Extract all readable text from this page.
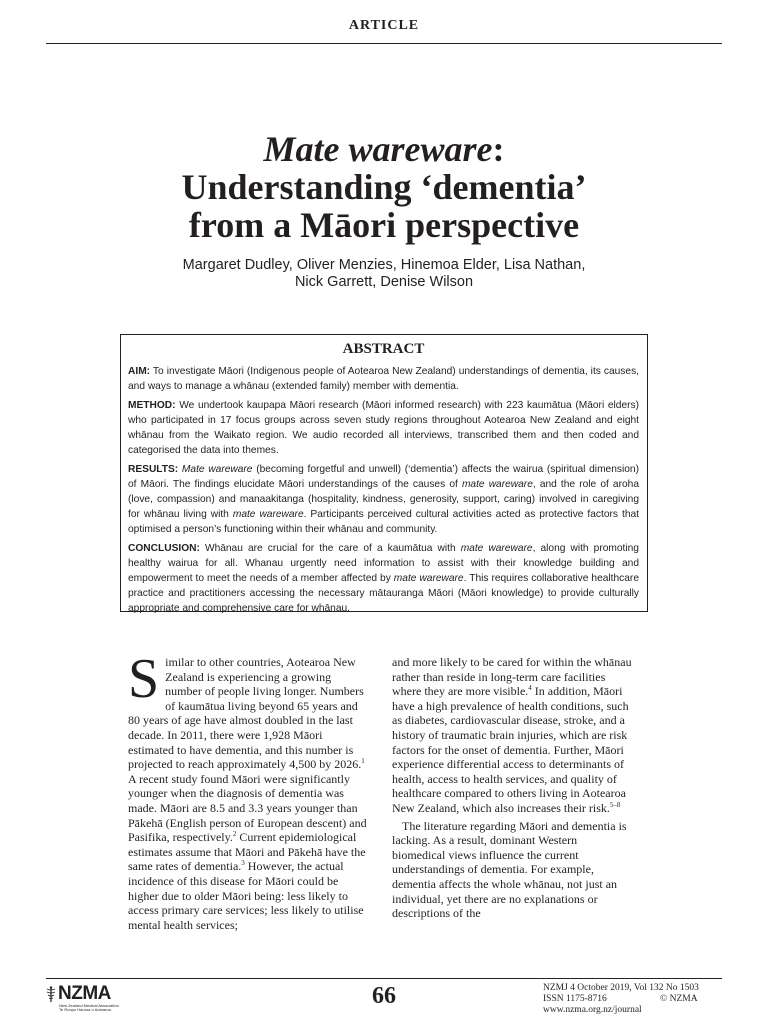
ARTICLE
Mate wareware:
Understanding ‘dementia’
from a Māori perspective
Margaret Dudley, Oliver Menzies, Hinemoa Elder, Lisa Nathan,
Nick Garrett, Denise Wilson
ABSTRACT

AIM: To investigate Māori (Indigenous people of Aotearoa New Zealand) understandings of dementia, its causes, and ways to manage a whānau (extended family) member with dementia.

METHOD: We undertook kaupapa Māori research (Māori informed research) with 223 kaumātua (Māori elders) who participated in 17 focus groups across seven study regions throughout Aotearoa New Zealand and eight whānau from the Waikato region. We audio recorded all interviews, transcribed them and then coded and categorised the data into themes.

RESULTS: Mate wareware (becoming forgetful and unwell) (‘dementia’) affects the wairua (spiritual dimension) of Māori. The findings elucidate Māori understandings of the causes of mate wareware, and the role of aroha (love, compassion) and manaakitanga (hospitality, kindness, generosity, support, caring) involved in caregiving for whānau living with mate wareware. Participants perceived cultural activities acted as protective factors that optimised a person’s functioning within their whānau and community.

CONCLUSION: Whānau are crucial for the care of a kaumātua with mate wareware, along with promoting healthy wairua for all. Whanau urgently need information to assist with their knowledge building and empowerment to meet the needs of a member affected by mate wareware. This requires collaborative healthcare practice and practitioners accessing the necessary mātauranga Māori (Māori knowledge) to provide culturally appropriate and comprehensive care for whānau.

Similar to other countries, Aotearoa New Zealand is experiencing a growing number of people living longer. Numbers of kaumātua living beyond 65 years and 80 years of age have almost doubled in the last decade. In 2011, there were 1,928 Māori estimated to have dementia, and this number is projected to reach approximately 4,500 by 2026.$^1$ A recent study found Māori were significantly younger when the diagnosis of dementia was made. Māori are 8.5 and 3.3 years younger than Pākehā (English person of European descent) and Pasifika, respectively.$^2$ Current epidemiological estimates assume that Māori and Pākehā have the same rates of dementia.$^3$ However, the actual incidence of this disease for Māori could be higher due to older Māori being: less likely to access primary care services; less likely to utilise mental health services;

and more likely to be cared for within the whānau rather than reside in long-term care facilities where they are more visible.$^4$ In addition, Māori have a high prevalence of health conditions, such as diabetes, cardiovascular disease, stroke, and a history of traumatic brain injuries, which are risk factors for the onset of dementia. Further, Māori experience differential access to determinants of health, access to health services, and quality of healthcare compared to others living in Aotearoa New Zealand, which also increases their risk.$^{5-8}$

The literature regarding Māori and dementia is lacking. As a result, dominant Western biomedical views influence the current understandings of dementia. For example, dementia affects the whole whānau, not just an individual, yet there are no explanations or descriptions of the

NZMA
New Zealand Medical Association
Te Roopu Hauora o Aotearoa
66	NZMJ 4 October 2019, Vol 132 No 1503
ISSN 1175-8716	© NZMA
www.nzma.org.nz/journal
